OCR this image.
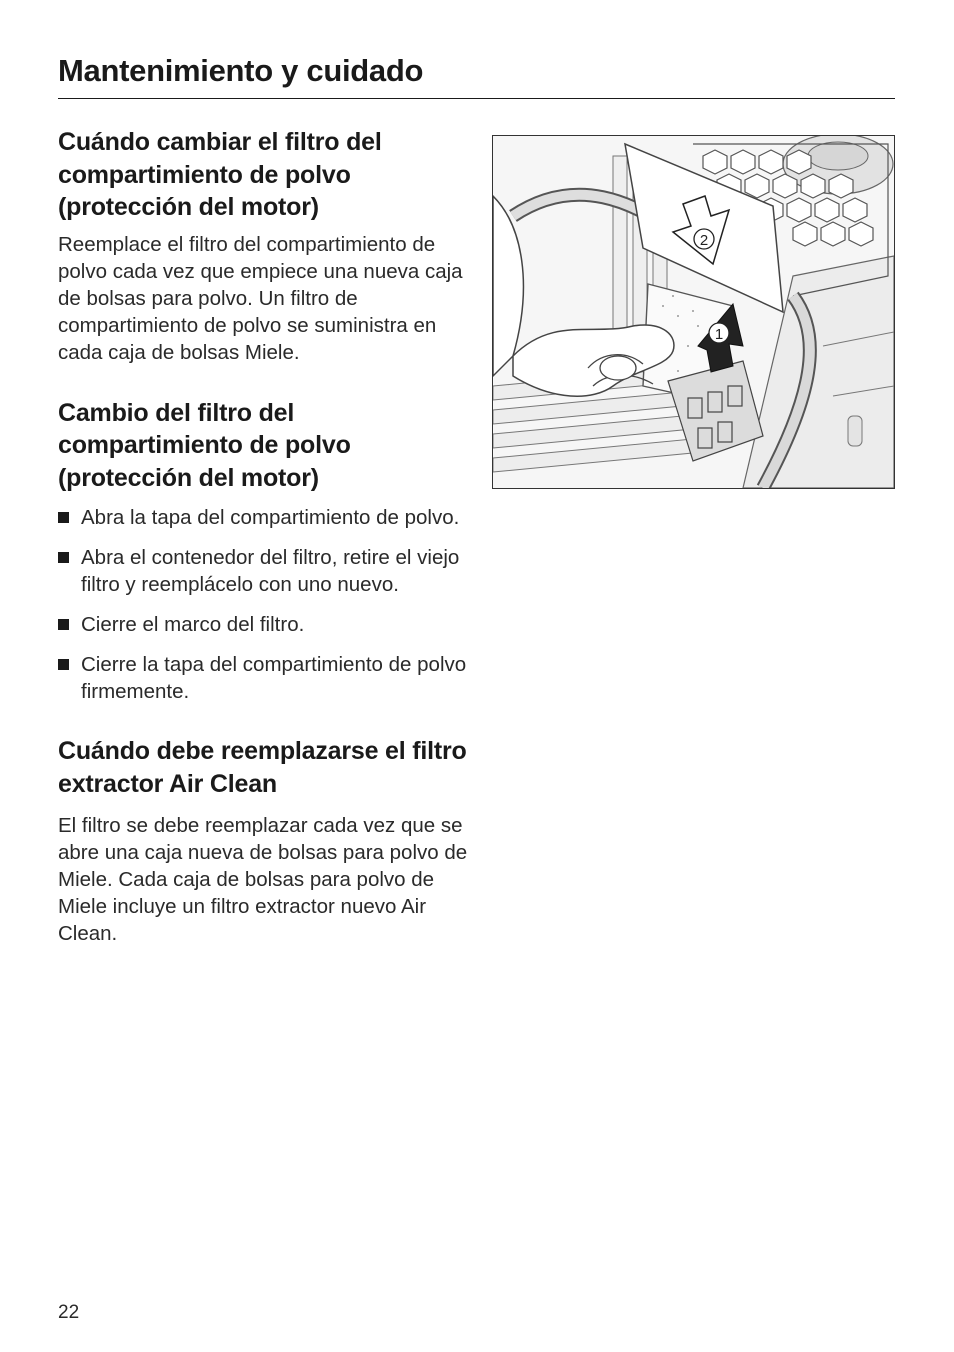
Mantenimiento y cuidado
Cuándo cambiar el filtro del compartimiento de polvo (protección del motor)

Reemplace el filtro del compartimiento de polvo cada vez que empiece una nueva caja de bolsas para polvo. Un filtro de compartimiento de polvo se suministra en cada caja de bolsas Miele.

Cambio del filtro del compartimiento de polvo (protección del motor)
Abra la tapa del compartimiento de polvo.
Abra el contenedor del filtro, retire el viejo filtro y reemplácelo con uno nuevo.
Cierre el marco del filtro.
Cierre la tapa del compartimiento de polvo firmemente.
Cuándo debe reemplazarse el filtro extractor Air Clean

El filtro se debe reemplazar cada vez que se abre una caja nueva de bolsas para polvo de Miele. Cada caja de bolsas para polvo de Miele incluye un filtro extractor nuevo Air Clean.

1
2
22
